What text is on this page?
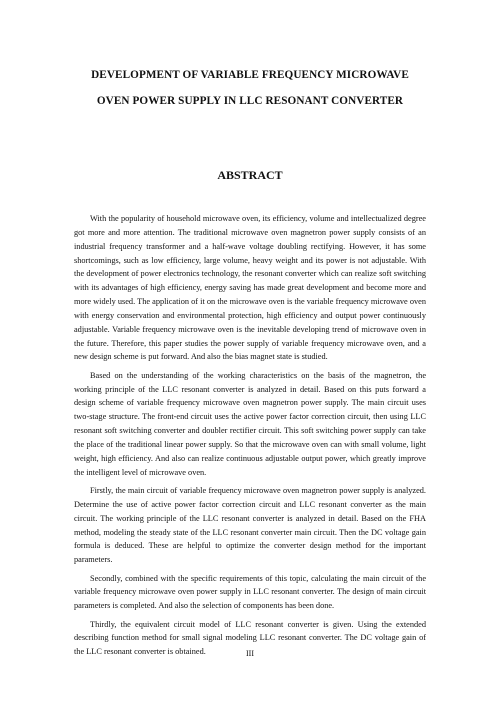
DEVELOPMENT OF VARIABLE FREQUENCY MICROWAVE
OVEN POWER SUPPLY IN LLC RESONANT CONVERTER
ABSTRACT

With the popularity of household microwave oven, its efficiency, volume and intellectualized degree got more and more attention. The traditional microwave oven magnetron power supply consists of an industrial frequency transformer and a half-wave voltage doubling rectifying. However, it has some shortcomings, such as low efficiency, large volume, heavy weight and its power is not adjustable. With the development of power electronics technology, the resonant converter which can realize soft switching with its advantages of high efficiency, energy saving has made great development and become more and more widely used. The application of it on the microwave oven is the variable frequency microwave oven with energy conservation and environmental protection, high efficiency and output power continuously adjustable. Variable frequency microwave oven is the inevitable developing trend of microwave oven in the future. Therefore, this paper studies the power supply of variable frequency microwave oven, and a new design scheme is put forward. And also the bias magnet state is studied.

Based on the understanding of the working characteristics on the basis of the magnetron, the working principle of the LLC resonant converter is analyzed in detail. Based on this puts forward a design scheme of variable frequency microwave oven magnetron power supply. The main circuit uses two-stage structure. The front-end circuit uses the active power factor correction circuit, then using LLC resonant soft switching converter and doubler rectifier circuit. This soft switching power supply can take the place of the traditional linear power supply. So that the microwave oven can with small volume, light weight, high efficiency. And also can realize continuous adjustable output power, which greatly improve the intelligent level of microwave oven.

Firstly, the main circuit of variable frequency microwave oven magnetron power supply is analyzed. Determine the use of active power factor correction circuit and LLC resonant converter as the main circuit. The working principle of the LLC resonant converter is analyzed in detail. Based on the FHA method, modeling the steady state of the LLC resonant converter main circuit. Then the DC voltage gain formula is deduced. These are helpful to optimize the converter design method for the important parameters.

Secondly, combined with the specific requirements of this topic, calculating the main circuit of the variable frequency microwave oven power supply in LLC resonant converter. The design of main circuit parameters is completed. And also the selection of components has been done.

Thirdly, the equivalent circuit model of LLC resonant converter is given. Using the extended describing function method for small signal modeling LLC resonant converter. The DC voltage gain of the LLC resonant converter is obtained.	III
